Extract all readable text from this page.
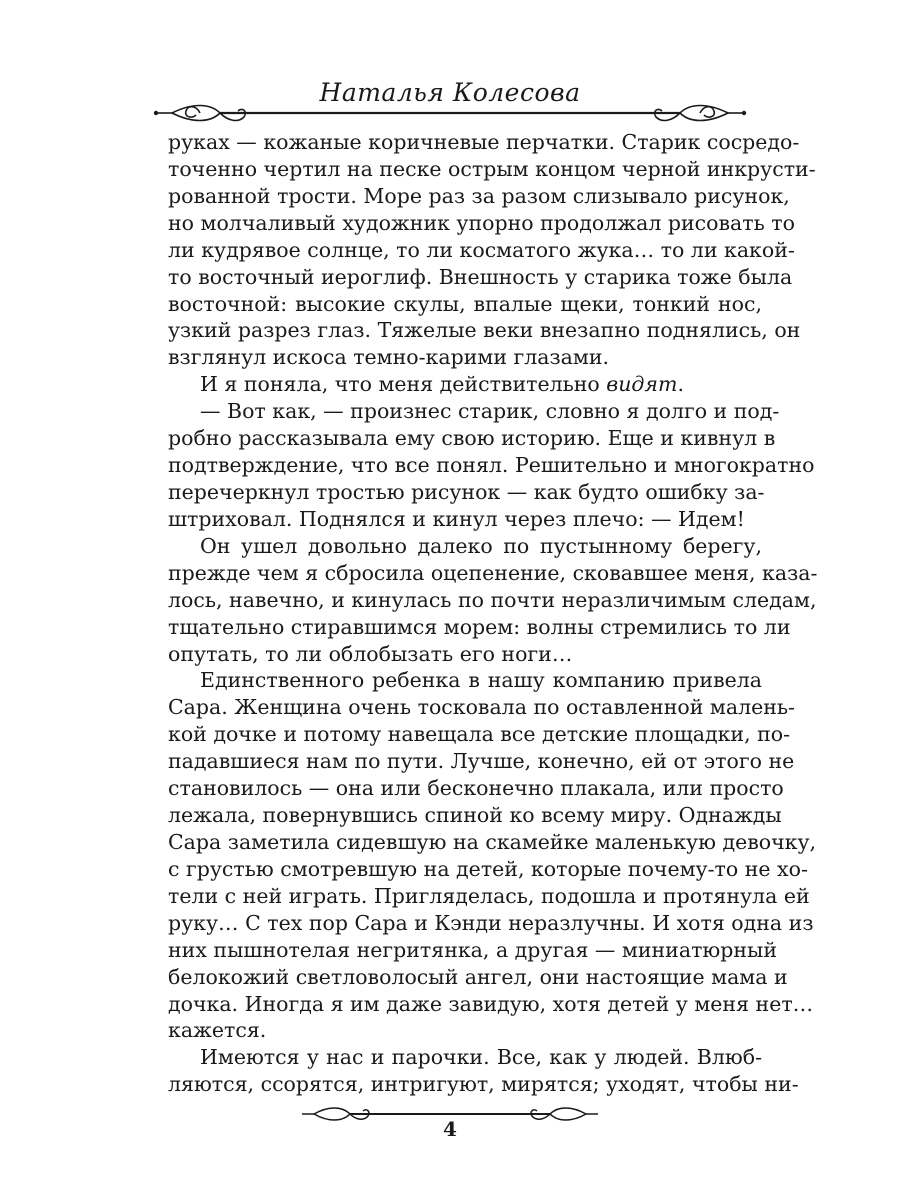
Наталья Колесова
руках — кожаные коричневые перчатки. Старик сосредо-
точенно чертил на песке острым концом черной инкрусти-
рованной трости. Море раз за разом слизывало рисунок,
но молчаливый художник упорно продолжал рисовать то
ли кудрявое солнце, то ли косматого жука… то ли какой-
то восточный иероглиф. Внешность у старика тоже была
восточной: высокие скулы, впалые щеки, тонкий нос,
узкий разрез глаз. Тяжелые веки внезапно поднялись, он
взглянул искоса темно-карими глазами.
И я поняла, что меня действительно видят.
— Вот как, — произнес старик, словно я долго и под-
робно рассказывала ему свою историю. Еще и кивнул в
подтверждение, что все понял. Решительно и многократно
перечеркнул тростью рисунок — как будто ошибку за-
штриховал. Поднялся и кинул через плечо: — Идем!
Он ушел довольно далеко по пустынному берегу,
прежде чем я сбросила оцепенение, сковавшее меня, каза-
лось, навечно, и кинулась по почти неразличимым следам,
тщательно стиравшимся морем: волны стремились то ли
опутать, то ли облобызать его ноги…
Единственного ребенка в нашу компанию привела
Сара. Женщина очень тосковала по оставленной малень-
кой дочке и потому навещала все детские площадки, по-
падавшиеся нам по пути. Лучше, конечно, ей от этого не
становилось — она или бесконечно плакала, или просто
лежала, повернувшись спиной ко всему миру. Однажды
Сара заметила сидевшую на скамейке маленькую девочку,
с грустью смотревшую на детей, которые почему-то не хо-
тели с ней играть. Пригляделась, подошла и протянула ей
руку… С тех пор Сара и Кэнди неразлучны. И хотя одна из
них пышнотелая негритянка, а другая — миниатюрный
белокожий светловолосый ангел, они настоящие мама и
дочка. Иногда я им даже завидую, хотя детей у меня нет…
кажется.
Имеются у нас и парочки. Все, как у людей. Влюб-
ляются, ссорятся, интригуют, мирятся; уходят, чтобы ни-
4
